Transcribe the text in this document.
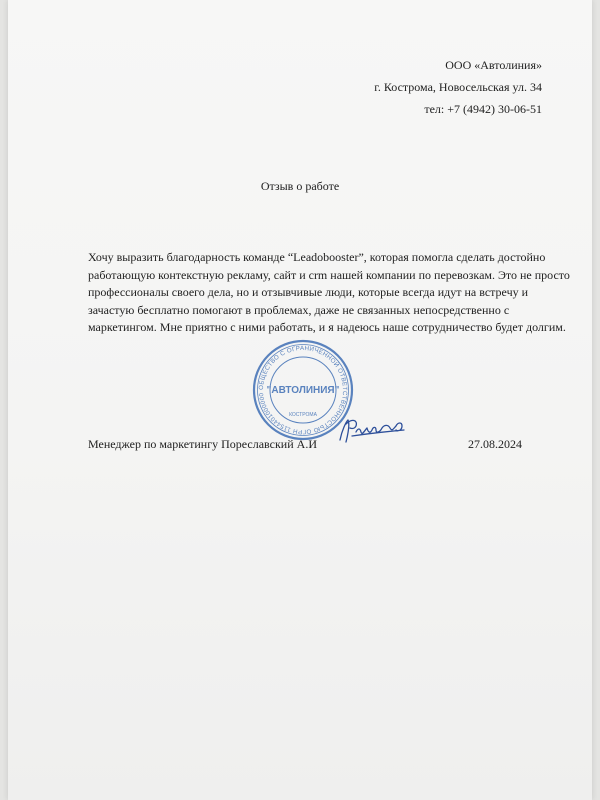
ООО «Автолиния»
г. Кострома, Новосельская ул. 34
тел: +7 (4942) 30-06-51
Отзыв о работе
Хочу выразить благодарность команде “Leadobooster”, которая помогла сделать достойно
работающую контекстную рекламу, сайт и crm нашей компании по перевозкам. Это не просто
профессионалы своего дела, но и отзывчивые люди, которые всегда идут на встречу и
зачастую бесплатно помогают в проблемах, даже не связанных непосредственно с
маркетингом. Мне приятно с ними работать, и я надеюсь наше сотрудничество будет долгим.
ОБЩЕСТВО С ОГРАНИЧЕННОЙ ОТВЕТСТВЕННОСТЬЮ ОГРН 1154401000000 "АВТОЛИНИЯ"
КОСТРОМА
Менеджер по маркетингу Пореславский А.И	27.08.2024
